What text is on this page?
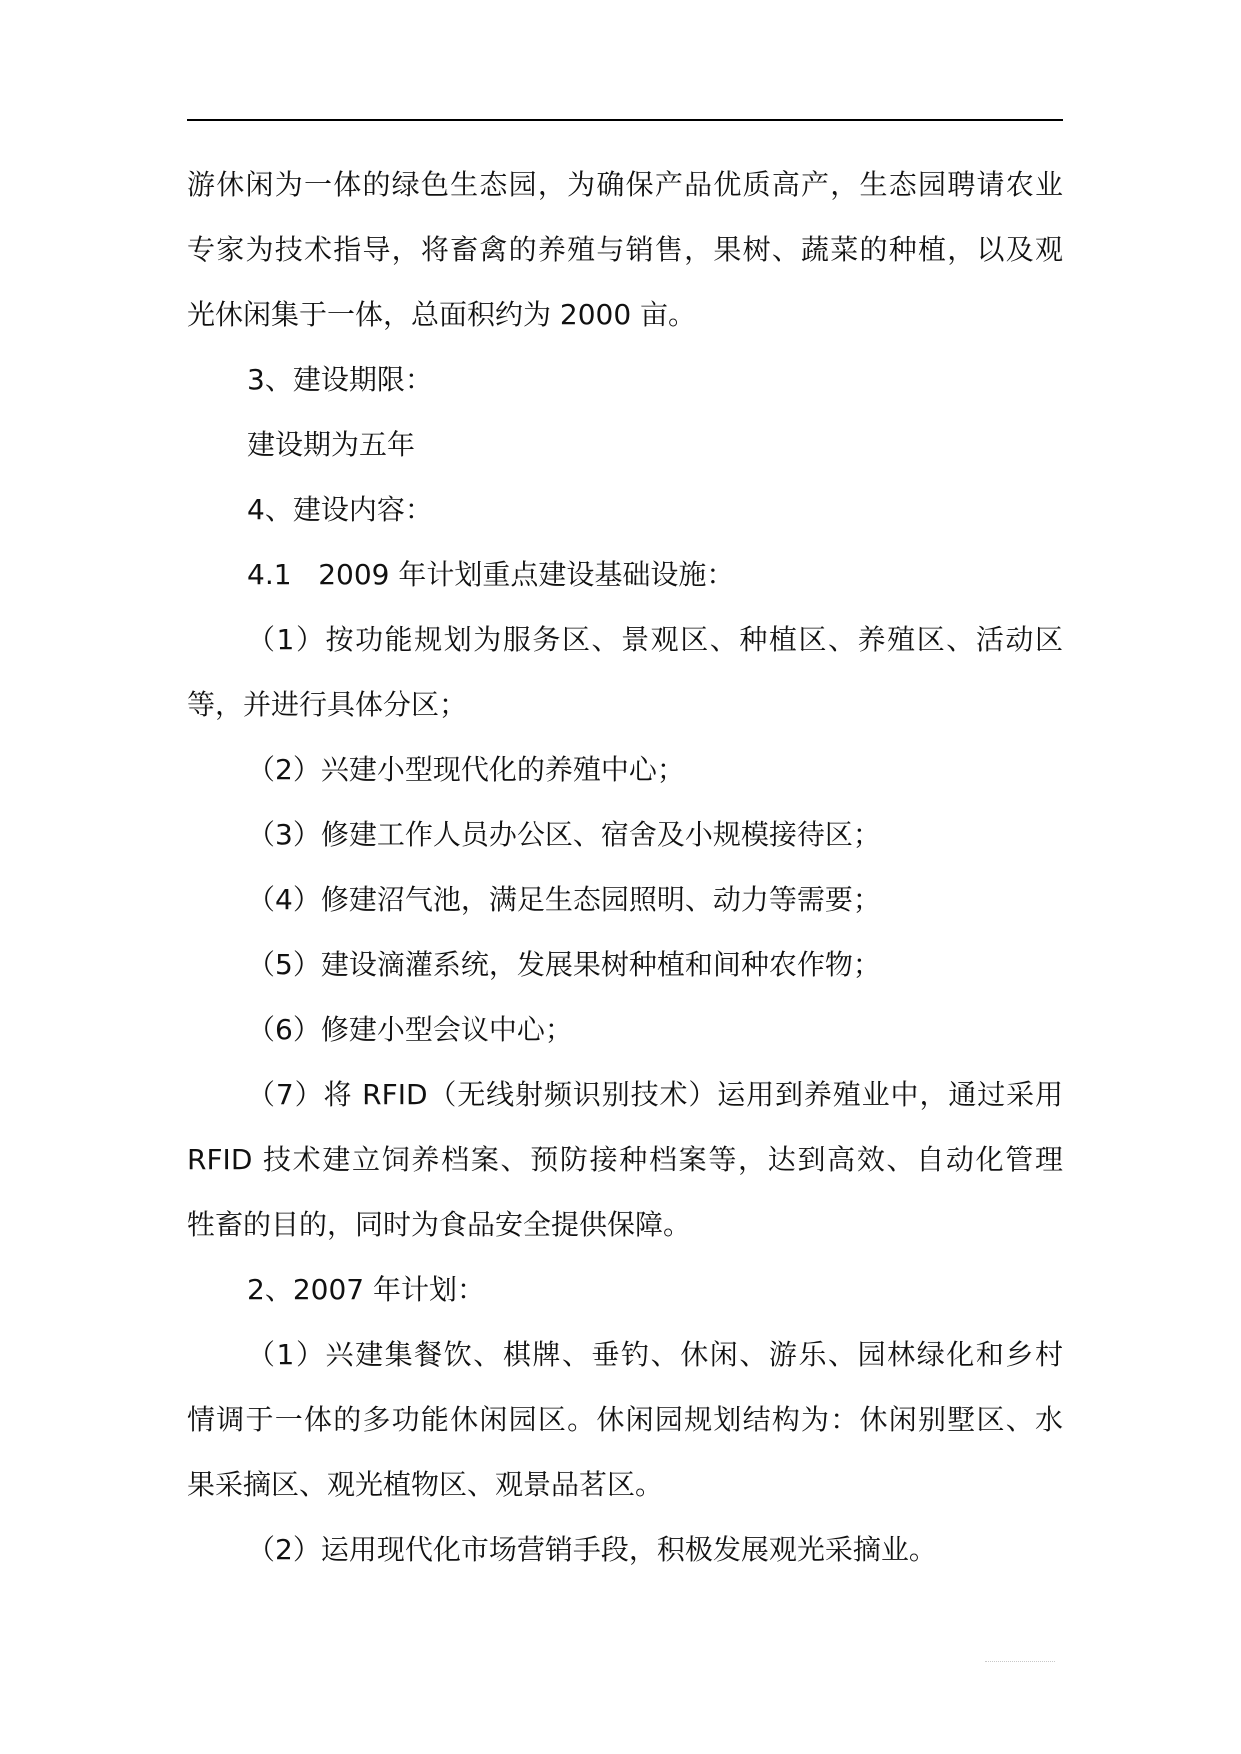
游休闲为一体的绿色生态园，为确保产品优质高产，生态园聘请农业
专家为技术指导，将畜禽的养殖与销售，果树、蔬菜的种植，以及观
光休闲集于一体，总面积约为 2000 亩。
3、建设期限：
建设期为五年
4、建设内容：
4.1   2009 年计划重点建设基础设施：
（1）按功能规划为服务区、景观区、种植区、养殖区、活动区
等，并进行具体分区；
（2）兴建小型现代化的养殖中心；
（3）修建工作人员办公区、宿舍及小规模接待区；
（4）修建沼气池，满足生态园照明、动力等需要；
（5）建设滴灌系统，发展果树种植和间种农作物；
（6）修建小型会议中心；
（7）将 RFID（无线射频识别技术）运用到养殖业中，通过采用
RFID 技术建立饲养档案、预防接种档案等，达到高效、自动化管理
牲畜的目的，同时为食品安全提供保障。
2、2007 年计划：
（1）兴建集餐饮、棋牌、垂钓、休闲、游乐、园林绿化和乡村
情调于一体的多功能休闲园区。休闲园规划结构为：休闲别墅区、水
果采摘区、观光植物区、观景品茗区。
（2）运用现代化市场营销手段，积极发展观光采摘业。
